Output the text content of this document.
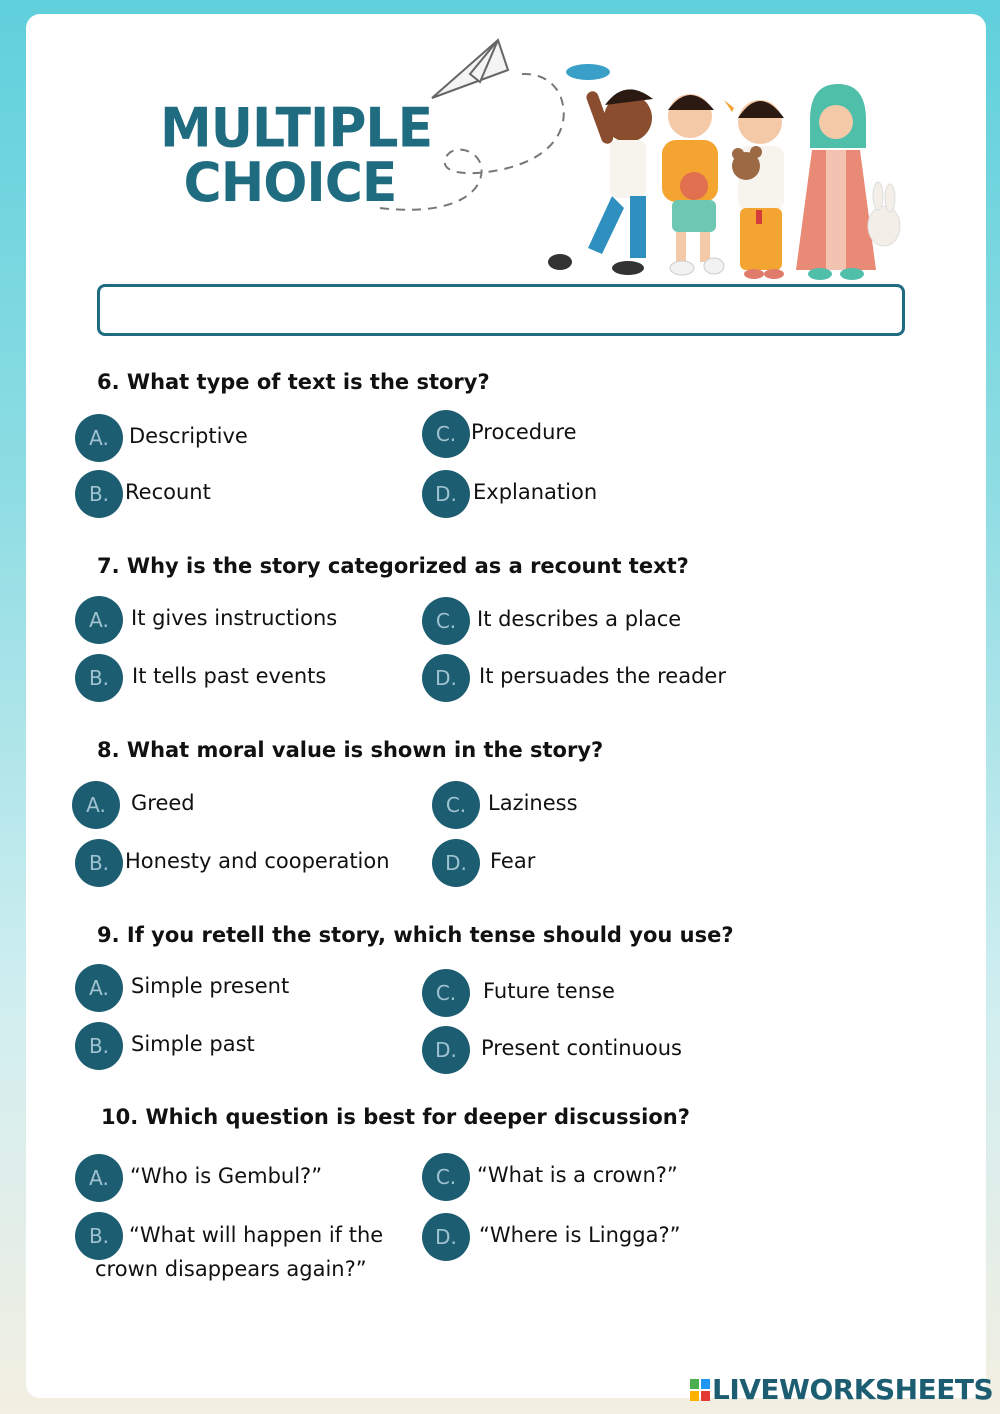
MULTIPLE
CHOICE
6. What type of text is the story?
A. Descriptive
B. Recount
C. Procedure
D. Explanation
7. Why is the story categorized as a recount text?
A.	It gives instructions
B.	It tells past events
C. It describes a place
D.	It persuades the reader
8. What moral value is shown in the story?
A.	Greed
B. Honesty and cooperation
C.	Laziness
D.	Fear
9. If you retell the story, which tense should you use?
A.	Simple present
B.	Simple past
C.	Future tense
D.	Present continuous
10. Which question is best for deeper discussion?
A.	“Who is Gembul?”
B. “What will happen if the crown disappears again?”
C. “What is a crown?”
D.	“Where is Lingga?”
LIVEWORKSHEETS
